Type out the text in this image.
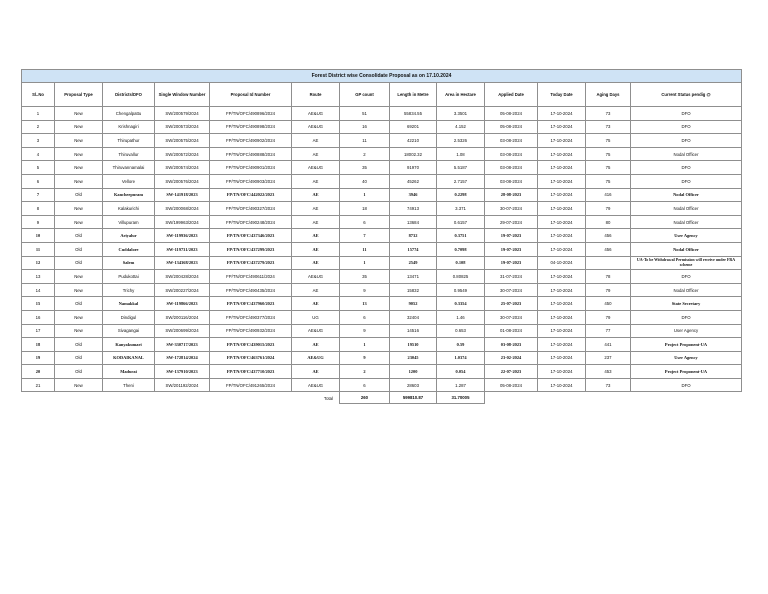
Forest District wise Consolidate Proposal as on 17.10.2024												
Sl..No	Proposal Type	Districts/DFO	Single Window Number	Proposal Id Number	Route	GP count	Length in Metre	Area in Hectare	Applied Date	Today Date	Aging Days	Current Status pendig @
1	New	Chengalpattu	SW/200579/2024	FP/TN/OFC/490896/2024	AE&UG	51	55834.55	3.3501	05-08-2024	17-10-2024	73	DFO
2	New	Krishnagiri	SW/200573/2024	FP/TN/OFC/490898/2024	AE&UG	16	69201	4.152	05-08-2024	17-10-2024	73	DFO
3	New	Thirupathur	SW/200575/2024	FP/TN/OFC/490902/2024	AE	11	42210	2.5326	03-08-2024	17-10-2024	75	DFO
4	New	Thiruvallur	SW/200572/2024	FP/TN/OFC/490888/2024	AE	2	18002.32	1.08	03-08-2024	17-10-2024	75	Nodal Officer
5	New	Thiruvannamalai	SW/200574/2024	FP/TN/OFC/490901/2024	AE&UG	35	91970	5.5187	03-08-2024	17-10-2024	75	DFO
6	New	Vellore	SW/200576/2024	FP/TN/OFC/490903/2024	AE	40	45262	2.7157	03-08-2024	17-10-2024	75	DFO
7	Old	Kancheepuram	SW-141918/2023	FP/TN/OFC/442022/2023	AE	1	3946	0.2298	28-08-2023	17-10-2024	416	Nodal Officer
8	New	Kalakurichi	SW/200068/2024	FP/TN/OFC/490327/2024	AE	18	74913	3.371	30-07-2024	17-10-2024	79	Nodal Officer
9	New	Villupuram	SW/199963/2024	FP/TN/OFC/490248/2024	AE	6	13684	0.6157	29-07-2024	17-10-2024	80	Nodal Officer
10	Old	Ariyalur	SW-119936/2023	FP/TN/OFC/437346/2023	AE	7	8732	0.3751	19-07-2023	17-10-2024	456	User Agency
11	Old	Cuddalore	SW-119731/2023	FP/TN/OFC/437299/2023	AE	11	15774	0.7098	19-07-2023	17-10-2024	456	Nodal Officer
12	Old	Salem	SW-134368/2023	FP/TN/OFC/437279/2023	AE	1	2549	0.108	19-07-2023	04-10-2024		UA-To be Withdrawal Permission will receive under FRA scheme
13	New	Pudukottai	SW/200428/2024	FP/TN/OFC/490611/2024	AE&UG	35	13471	0.80825	31-07-2024	17-10-2024	78	DFO
14	New	Trichy	SW/200227/2024	FP/TN/OFC/490435/2024	AE	9	15832	0.9549	30-07-2024	17-10-2024	79	Nodal Officer
15	Old	Namakkal	SW-119866/2023	FP/TN/OFC/437960/2023	AE	13	9052	0.3354	25-07-2023	17-10-2024	450	State Secretary
16	New	Dindigul	SW/200116/2024	FP/TN/OFC/490377/2024	UG	6	32404	1.46	30-07-2024	17-10-2024	79	DFO
17	New	Sivagangai	SW/200699/2024	FP/TN/OFC/490932/2024	AE&UG	9	14516	0.653	01-08-2024	17-10-2024	77	User Agency
18	Old	Kanyakumari	SW-330717/2023	FP/TN/OFC/439015/2023	AE	1	19510	0.59	03-08-2023	17-10-2024	441	Project Proponent-UA
19	Old	KODAIKANAL	SW-172814/2024	FP/TN/OFC/463761/2024	AE&UG	9	23045	1.0374	23-02-2024	17-10-2024	237	User Agency
20	Old	Madurai	SW-137910/2023	FP/TN/OFC/437710/2023	AE	2	1200	0.054	22-07-2023	17-10-2024	453	Project Proponent-UA
21	New	Theni	SW/201192/2024	FP/TN/OFC/491265/2024	AE&UG	6	28603	1.287	05-08-2024	17-10-2024	73	DFO
					Total	260	599810.87	31.70005				
